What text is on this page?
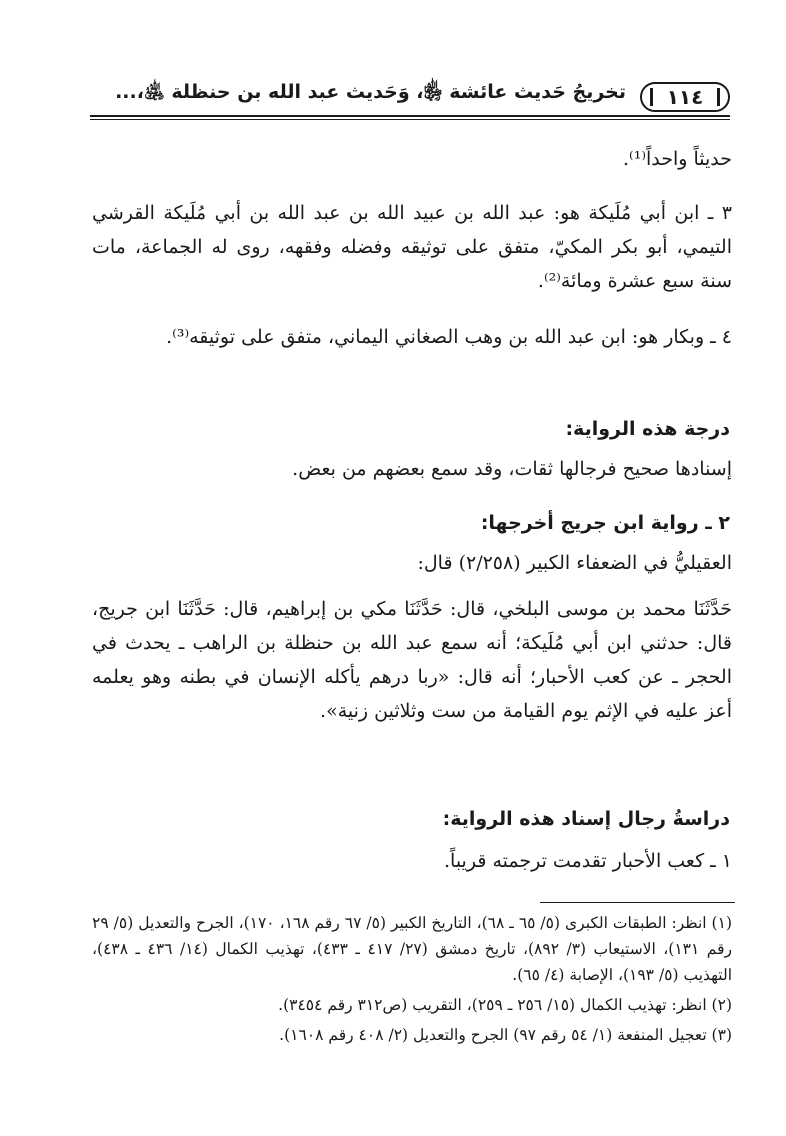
١١٤
تخريجُ حَديث عائشة ﵂، وَحَديث عبد الله بن حنظلة ﵁،...
حديثاً واحداً⁽¹⁾.
٣ ـ ابن أبي مُلَيكة هو: عبد الله بن عبيد الله بن عبد الله بن أبي مُلَيكة القرشي التيمي، أبو بكر المكيّ، متفق على توثيقه وفضله وفقهه، روى له الجماعة، مات سنة سبع عشرة ومائة⁽²⁾.
٤ ـ وبكار هو: ابن عبد الله بن وهب الصغاني اليماني، متفق على توثيقه⁽³⁾.
درجة هذه الرواية:
إسنادها صحيح فرجالها ثقات، وقد سمع بعضهم من بعض.
٢ ـ رواية ابن جريج أخرجها:
العقيليُّ في الضعفاء الكبير (٢/٢٥٨) قال:
حَدَّثَنَا محمد بن موسى البلخي، قال: حَدَّثَنَا مكي بن إبراهيم، قال: حَدَّثَنَا ابن جريج، قال: حدثني ابن أبي مُلَيكة؛ أنه سمع عبد الله بن حنظلة بن الراهب ـ يحدث في الحجر ـ عن كعب الأحبار؛ أنه قال: «ربا درهم يأكله الإنسان في بطنه وهو يعلمه أعز عليه في الإثم يوم القيامة من ست وثلاثين زنية».
دراسةُ رجال إسناد هذه الرواية:
١ ـ كعب الأحبار تقدمت ترجمته قريباً.
(١) انظر: الطبقات الكبرى (٥/ ٦٥ ـ ٦٨)، التاريخ الكبير (٥/ ٦٧ رقم ١٦٨، ١٧٠)، الجرح والتعديل (٥/ ٢٩ رقم ١٣١)، الاستيعاب (٣/ ٨٩٢)، تاريخ دمشق (٢٧/ ٤١٧ ـ ٤٣٣)، تهذيب الكمال (١٤/ ٤٣٦ ـ ٤٣٨)، التهذيب (٥/ ١٩٣)، الإصابة (٤/ ٦٥).
(٢) انظر: تهذيب الكمال (١٥/ ٢٥٦ ـ ٢٥٩)، التقريب (ص٣١٢ رقم ٣٤٥٤).
(٣) تعجيل المنفعة (١/ ٥٤ رقم ٩٧) الجرح والتعديل (٢/ ٤٠٨ رقم ١٦٠٨).
